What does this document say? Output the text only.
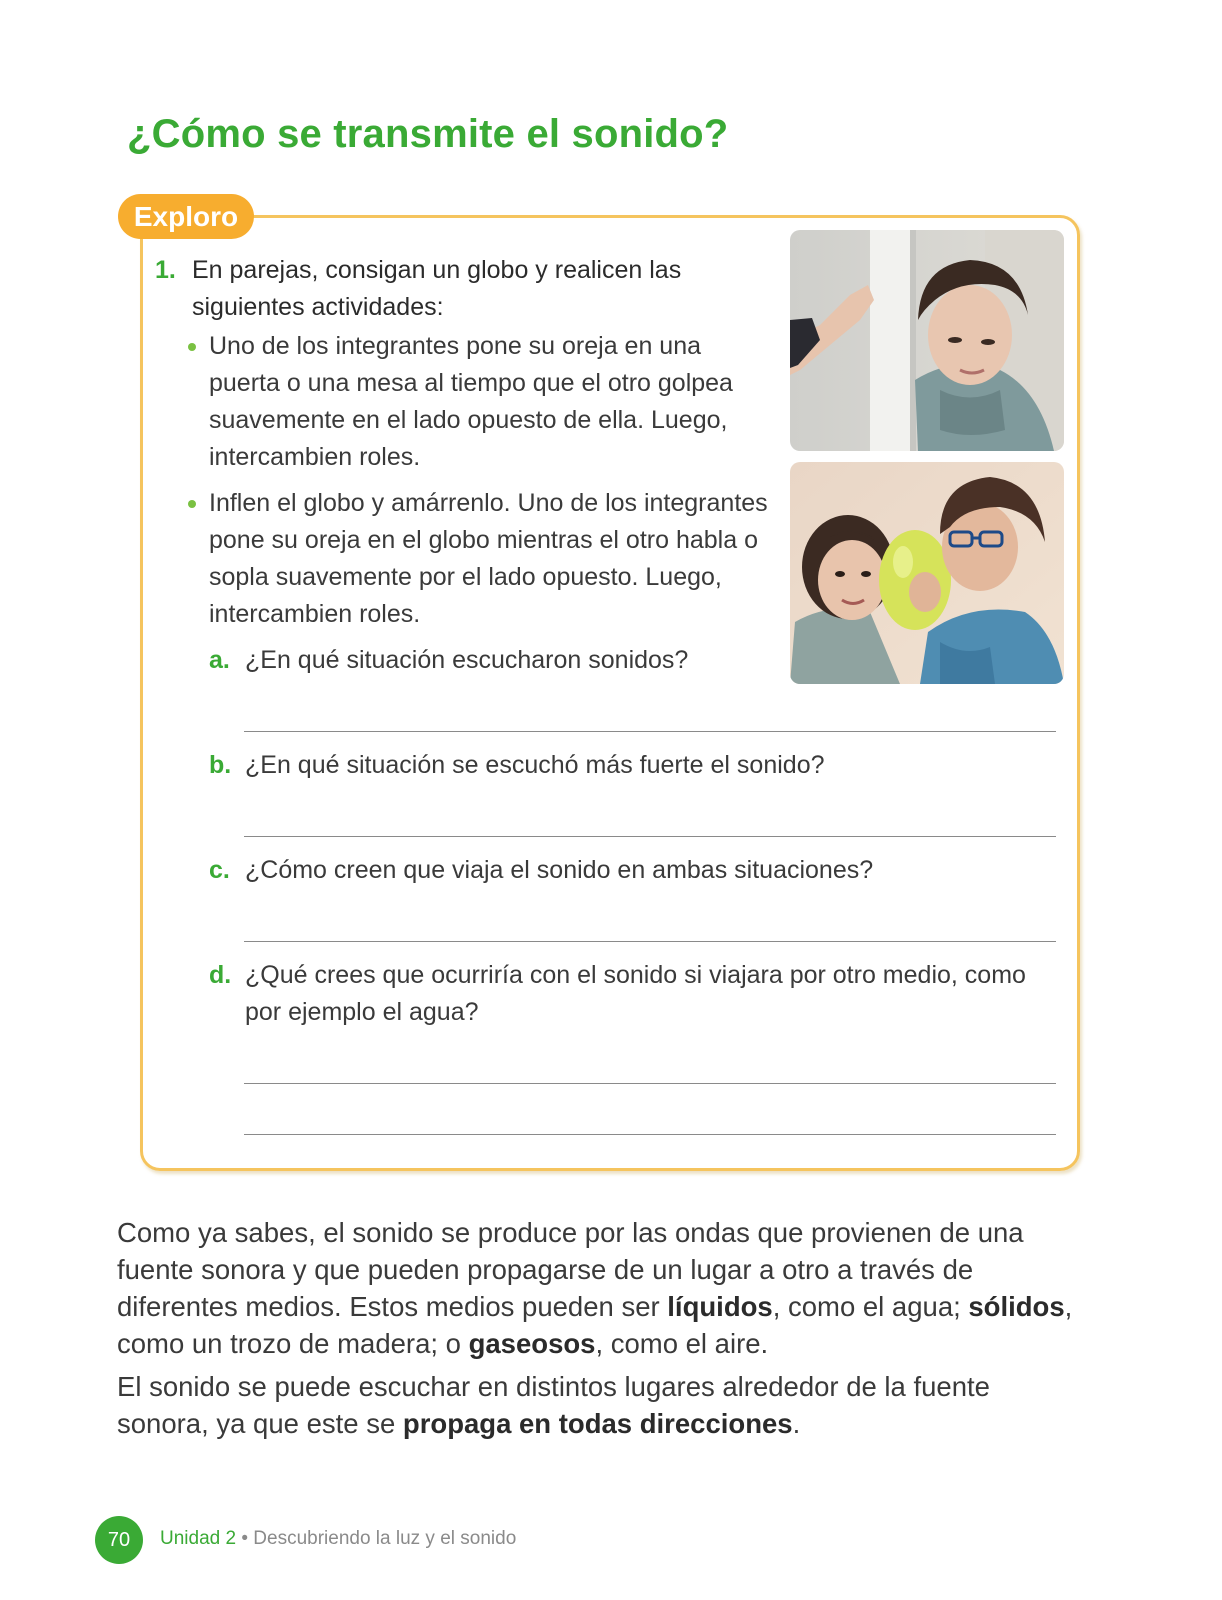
¿Cómo se transmite el sonido?
Exploro
1. En parejas, consigan un globo y realicen las siguientes actividades:
Uno de los integrantes pone su oreja en una puerta o una mesa al tiempo que el otro golpea suavemente en el lado opuesto de ella. Luego, intercambien roles.
Inflen el globo y amárrenlo. Uno de los integrantes pone su oreja en el globo mientras el otro habla o sopla suavemente por el lado opuesto. Luego, intercambien roles.
a. ¿En qué situación escucharon sonidos?
b. ¿En qué situación se escuchó más fuerte el sonido?
c. ¿Cómo creen que viaja el sonido en ambas situaciones?
d. ¿Qué crees que ocurriría con el sonido si viajara por otro medio, como por ejemplo el agua?

Como ya sabes, el sonido se produce por las ondas que provienen de una fuente sonora y que pueden propagarse de un lugar a otro a través de diferentes medios. Estos medios pueden ser líquidos, como el agua; sólidos, como un trozo de madera; o gaseosos, como el aire.

El sonido se puede escuchar en distintos lugares alrededor de la fuente sonora, ya que este se propaga en todas direcciones.

70	Unidad 2 • Descubriendo la luz y el sonido
